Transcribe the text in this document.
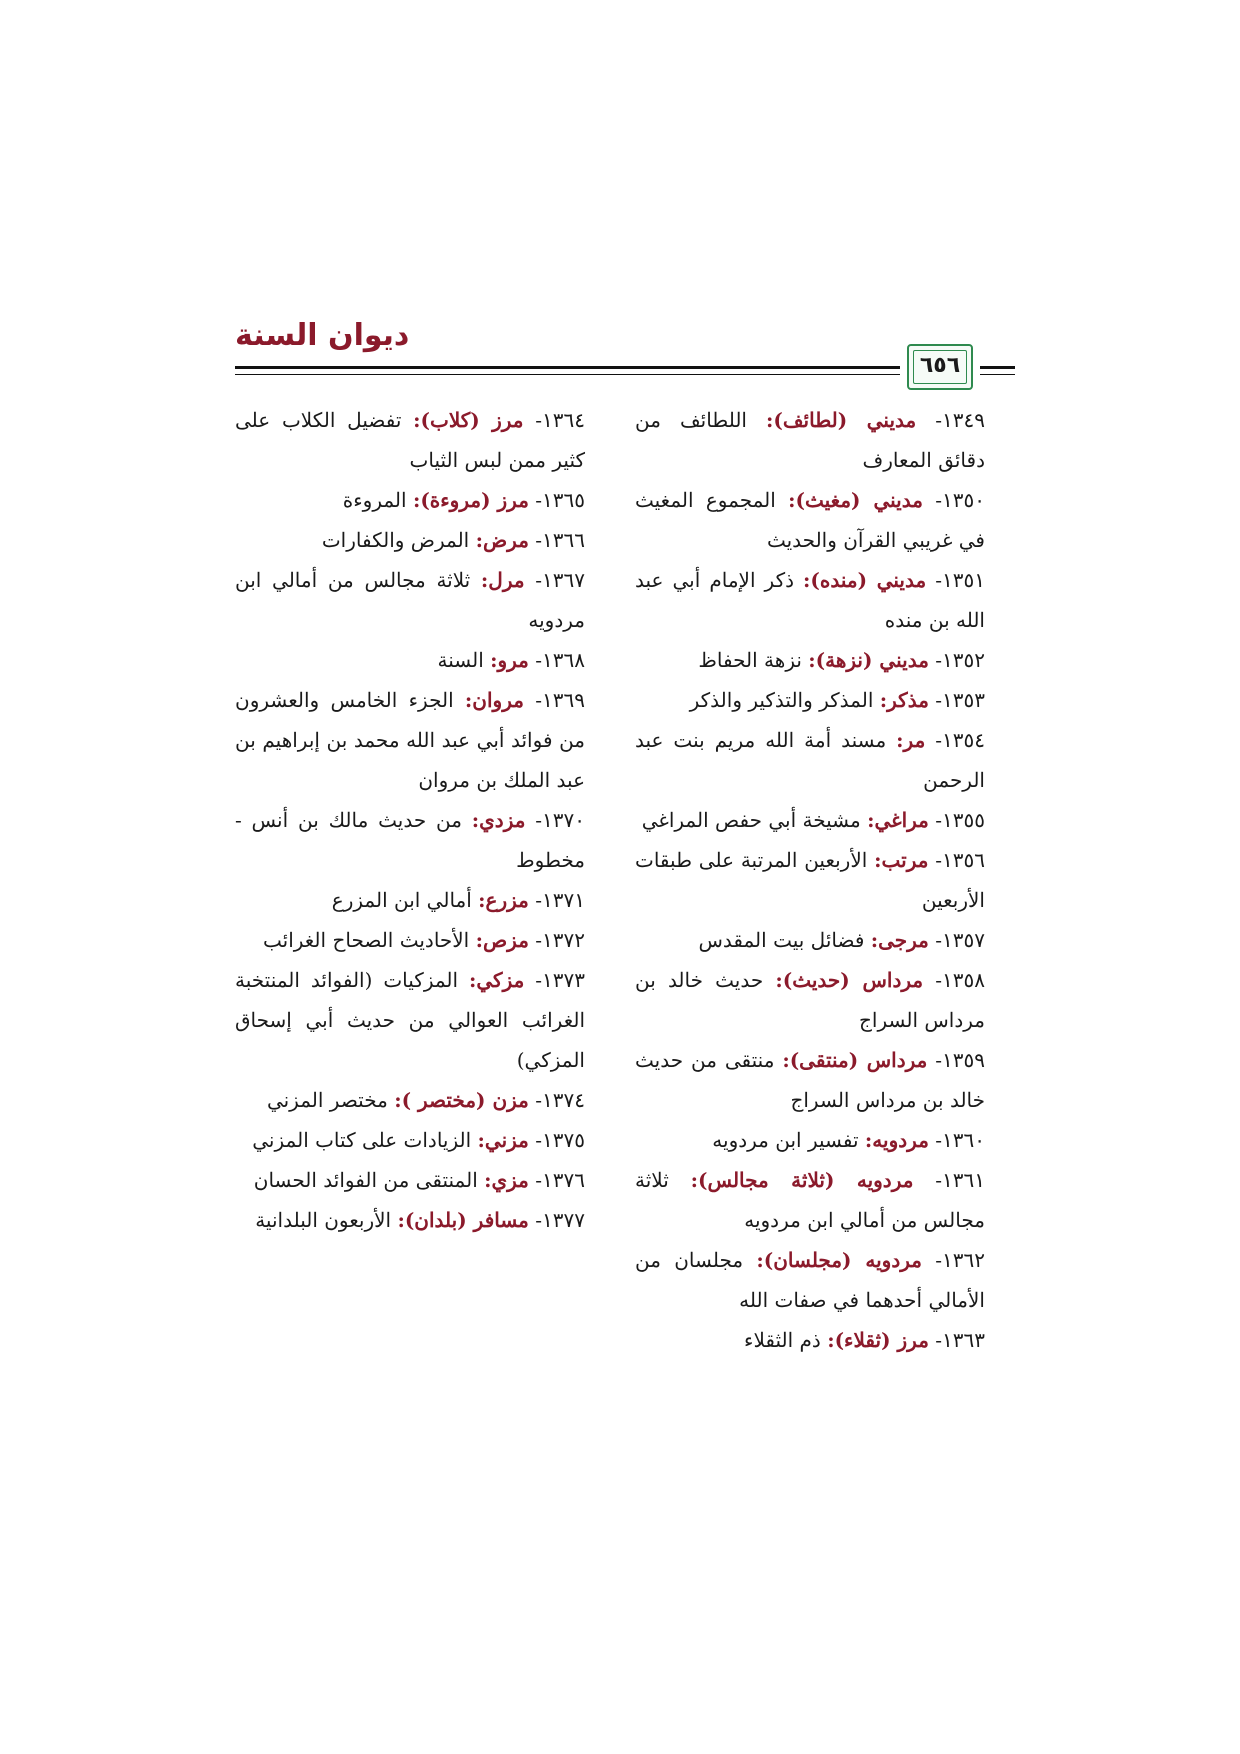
ديوان السنة
٦٥٦

١٣٤٩- مديني (لطائف): اللطائف من دقائق المعارف

١٣٥٠- مديني (مغيث): المجموع المغيث في غريبي القرآن والحديث

١٣٥١- مديني (منده): ذكر الإمام أبي عبد الله بن منده

١٣٥٢- مديني (نزهة): نزهة الحفاظ

١٣٥٣- مذكر: المذكر والتذكير والذكر

١٣٥٤- مر: مسند أمة الله مريم بنت عبد الرحمن

١٣٥٥- مراغي: مشيخة أبي حفص المراغي

١٣٥٦- مرتب: الأربعين المرتبة على طبقات الأربعين

١٣٥٧- مرجى: فضائل بيت المقدس

١٣٥٨- مرداس (حديث): حديث خالد بن مرداس السراج

١٣٥٩- مرداس (منتقى): منتقى من حديث خالد بن مرداس السراج

١٣٦٠- مردويه: تفسير ابن مردويه

١٣٦١- مردويه (ثلاثة مجالس): ثلاثة مجالس من أمالي ابن مردويه

١٣٦٢- مردويه (مجلسان): مجلسان من الأمالي أحدهما في صفات الله

١٣٦٣- مرز (ثقلاء): ذم الثقلاء

١٣٦٤- مرز (كلاب): تفضيل الكلاب على كثير ممن لبس الثياب

١٣٦٥- مرز (مروءة): المروءة

١٣٦٦- مرض: المرض والكفارات

١٣٦٧- مرل: ثلاثة مجالس من أمالي ابن مردويه

١٣٦٨- مرو: السنة

١٣٦٩- مروان: الجزء الخامس والعشرون من فوائد أبي عبد الله محمد بن إبراهيم بن عبد الملك بن مروان

١٣٧٠- مزدي: من حديث مالك بن أنس - مخطوط

١٣٧١- مزرع: أمالي ابن المزرع

١٣٧٢- مزص: الأحاديث الصحاح الغرائب

١٣٧٣- مزكي: المزكيات (الفوائد المنتخبة الغرائب العوالي من حديث أبي إسحاق المزكي)

١٣٧٤- مزن (مختصر ): مختصر المزني

١٣٧٥- مزني: الزيادات على كتاب المزني

١٣٧٦- مزي: المنتقى من الفوائد الحسان

١٣٧٧- مسافر (بلدان): الأربعون البلدانية
